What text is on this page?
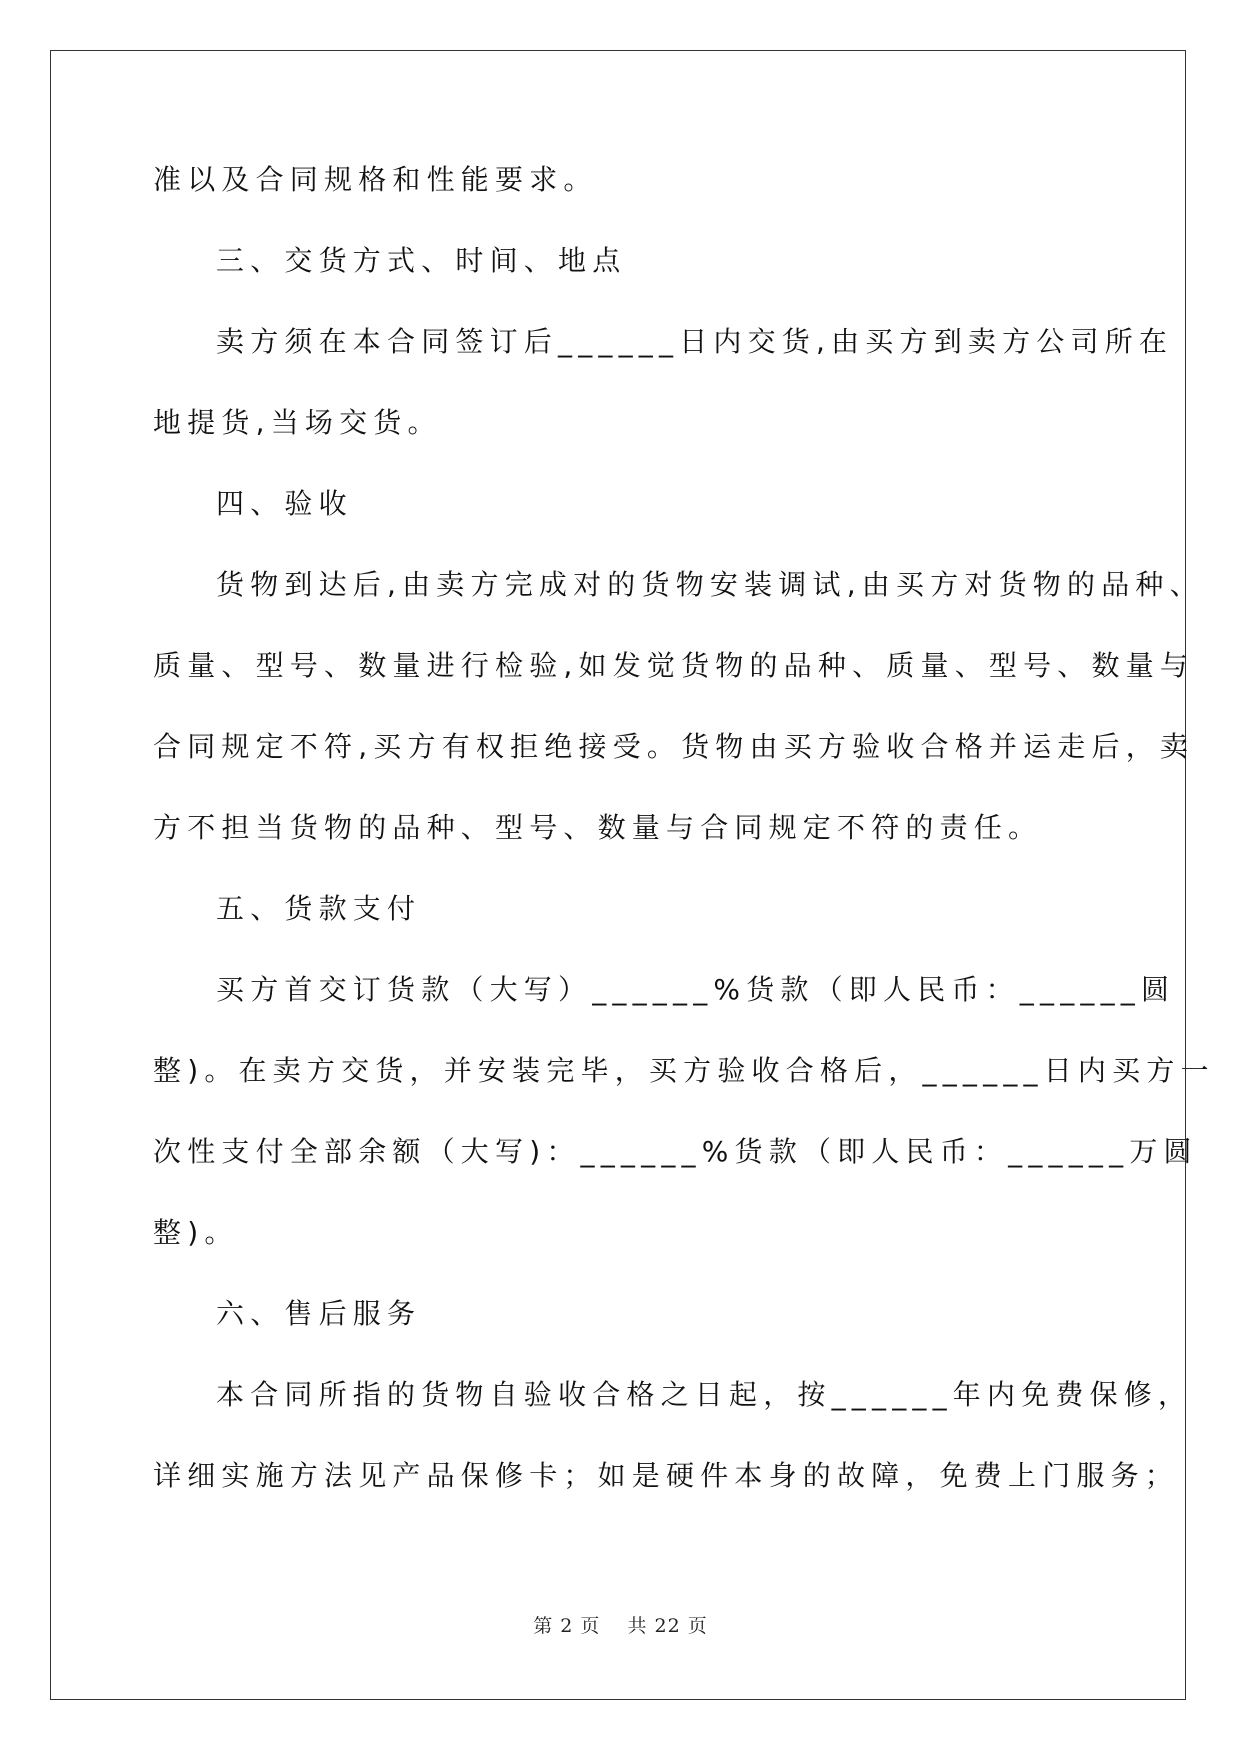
准以及合同规格和性能要求。
三、交货方式、时间、地点
卖方须在本合同签订后______日内交货,由买方到卖方公司所在
地提货,当场交货。
四、验收
货物到达后,由卖方完成对的货物安装调试,由买方对货物的品种、
质量、型号、数量进行检验,如发觉货物的品种、质量、型号、数量与
合同规定不符,买方有权拒绝接受。货物由买方验收合格并运走后，卖
方不担当货物的品种、型号、数量与合同规定不符的责任。
五、货款支付
买方首交订货款（大写）______%货款（即人民币：______圆
整)。在卖方交货，并安装完毕，买方验收合格后，______日内买方一
次性支付全部余额（大写)：______%货款（即人民币：______万圆
整)。
六、售后服务
本合同所指的货物自验收合格之日起，按______年内免费保修，
详细实施方法见产品保修卡；如是硬件本身的故障，免费上门服务；
第 2 页　 共 22 页
